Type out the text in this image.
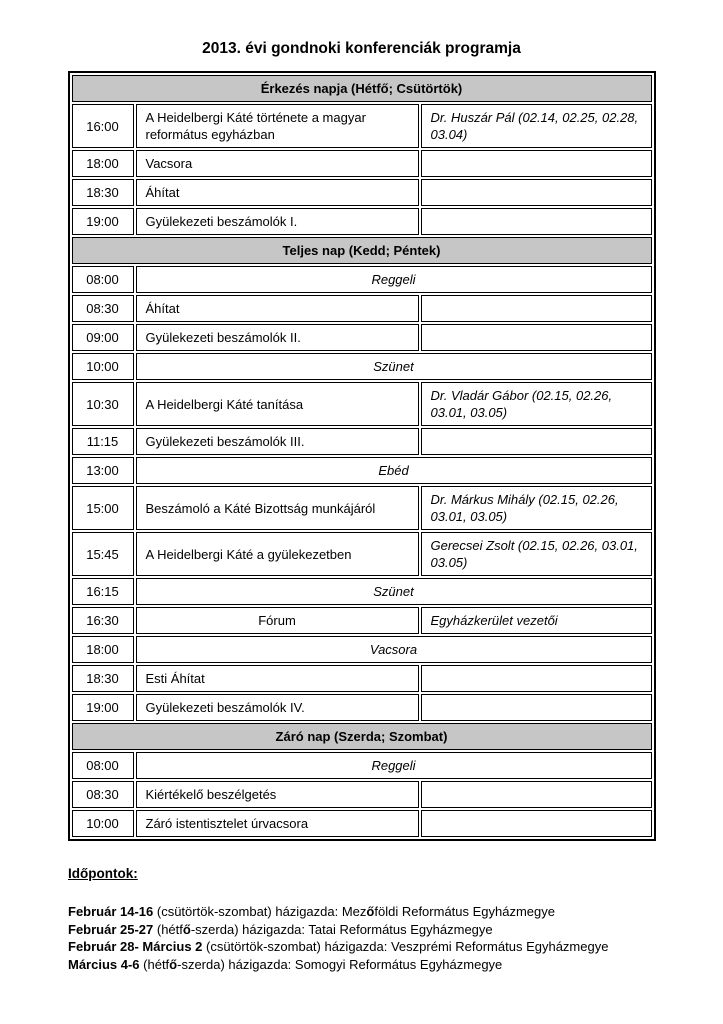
2013. évi gondnoki konferenciák programja
Érkezés napja (Hétfő; Csütörtök)		
16:00	A Heidelbergi Káté története a magyar református egyházban	Dr. Huszár Pál (02.14, 02.25, 02.28, 03.04)
18:00	Vacsora	
18:30	Áhítat	
19:00	Gyülekezeti beszámolók I.	
Teljes nap (Kedd; Péntek)		
08:00	Reggeli	
08:30	Áhítat	
09:00	Gyülekezeti beszámolók II.	
10:00	Szünet	
10:30	A Heidelbergi Káté tanítása	Dr. Vladár Gábor (02.15, 02.26, 03.01, 03.05)
11:15	Gyülekezeti beszámolók III.	
13:00	Ebéd	
15:00	Beszámoló a Káté Bizottság munkájáról	Dr. Márkus Mihály (02.15, 02.26, 03.01, 03.05)
15:45	A Heidelbergi Káté a gyülekezetben	Gerecsei Zsolt (02.15, 02.26, 03.01, 03.05)
16:15	Szünet	
16:30	Fórum	Egyházkerület vezetői
18:00	Vacsora	
18:30	Esti Áhítat	
19:00	Gyülekezeti beszámolók IV.	
Záró nap (Szerda; Szombat)		
08:00	Reggeli	
08:30	Kiértékelő beszélgetés	
10:00	Záró istentisztelet úrvacsora	
Időpontok:
Február 14-16 (csütörtök-szombat) házigazda: Mezőföldi Református Egyházmegye
Február 25-27 (hétfő-szerda) házigazda: Tatai Református Egyházmegye
Február 28- Március 2 (csütörtök-szombat) házigazda: Veszprémi Református Egyházmegye
Március 4-6 (hétfő-szerda) házigazda: Somogyi Református Egyházmegye
